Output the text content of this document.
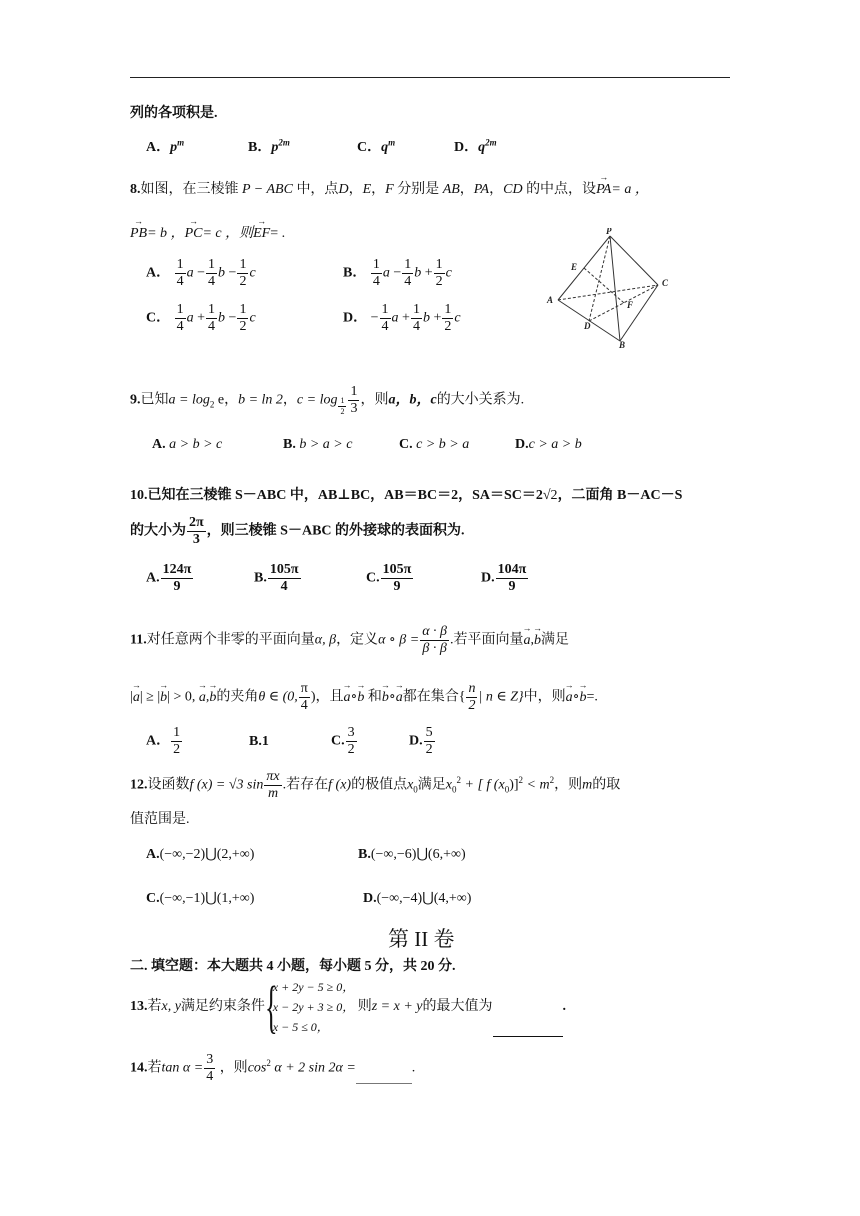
列的各项积是.
A．$p^m$	B．$p^{2m}$	C．$q^m$	D．$q^{2m}$
8.如图，在三棱锥 P − ABC 中，点D，E，F 分别是 AB，PA，CD 的中点，设→ PA= a ，
→ PB= b ，→ PC= c ，则→ EF= .
A． $\frac{1}{4}$ $a - \frac{1}{4}$ $b - \frac{1}{2}$ c	B． $\frac{1}{4}$ $a - \frac{1}{4}$ $b + \frac{1}{2}$ c
C． $\frac{1}{4}$ $a + \frac{1}{4}$ $b - \frac{1}{2}$ c	D． − $\frac{1}{4}$ $a + \frac{1}{4}$ $b + \frac{1}{2}$ c
P
E
A
C
F
D
B
9.已知$a = \log_2 e$，b = ln 2，$c = \log \frac{1}{2} \frac{1}{3}$ ，则a，b，c的大小关系为.
A. a > b > c	B. b > a > c	C. c > b > a	D.c > a > b
10.已知在三棱锥 S－ABC 中，AB⊥BC，AB＝BC＝2，SA＝SC＝2√2，二面角 B－AC－S
的大小为 $\frac{2\pi}{3}$ ，则三棱锥 S－ABC 的外接球的表面积为.
A. $\frac{124\pi}{9}$	B. $\frac{105\pi}{4}$	C. $\frac{105\pi}{9}$	D. $\frac{104\pi}{9}$
11.对任意两个非零的平面向量α, β，定义α ∘ $\beta = \frac{\alpha \cdot \beta}{\beta \cdot \beta}$ .若平面向量→ a,→ b满足
|→ a| ≥ |→ b| > 0, → a,→ b的夹角θ ∈ (0, $\frac{\pi}{4}$ )，且→ a∘→ b 和→ b∘→ a都在集合{ $\frac{n}{2}$ | n ∈ Z}中，则→ a∘→ b=.
A． $\frac{1}{2}$	B.1	C. $\frac{3}{2}$	D. $\frac{5}{2}$
12.设函数f (x) = √3 $\sin \frac{\pi x}{m}$ .若存在f (x)的极值点$x_0$满足$x_0^2$ + [ f $(x_0)]^2 < m^2$，则m的取
值范围是.
A.(−∞,−2)⋃(2,+∞)	B.(−∞,−6)⋃(6,+∞)
C.(−∞,−1)⋃(1,+∞)	D.(−∞,−4)⋃(4,+∞)
第 II 卷
二. 填空题：本大题共 4 小题，每小题 5 分，共 20 分.
13.若x, y满足约束条件{
x + 2y − 5 ≥ 0，
x − 2y + 3 ≥ 0，
x − 5 ≤ 0，
则z = x + y的最大值为	.
14.若$\tan \alpha = \frac{3}{4}$ ，则$\cos^2 \alpha + 2$ sin 2α =	.
